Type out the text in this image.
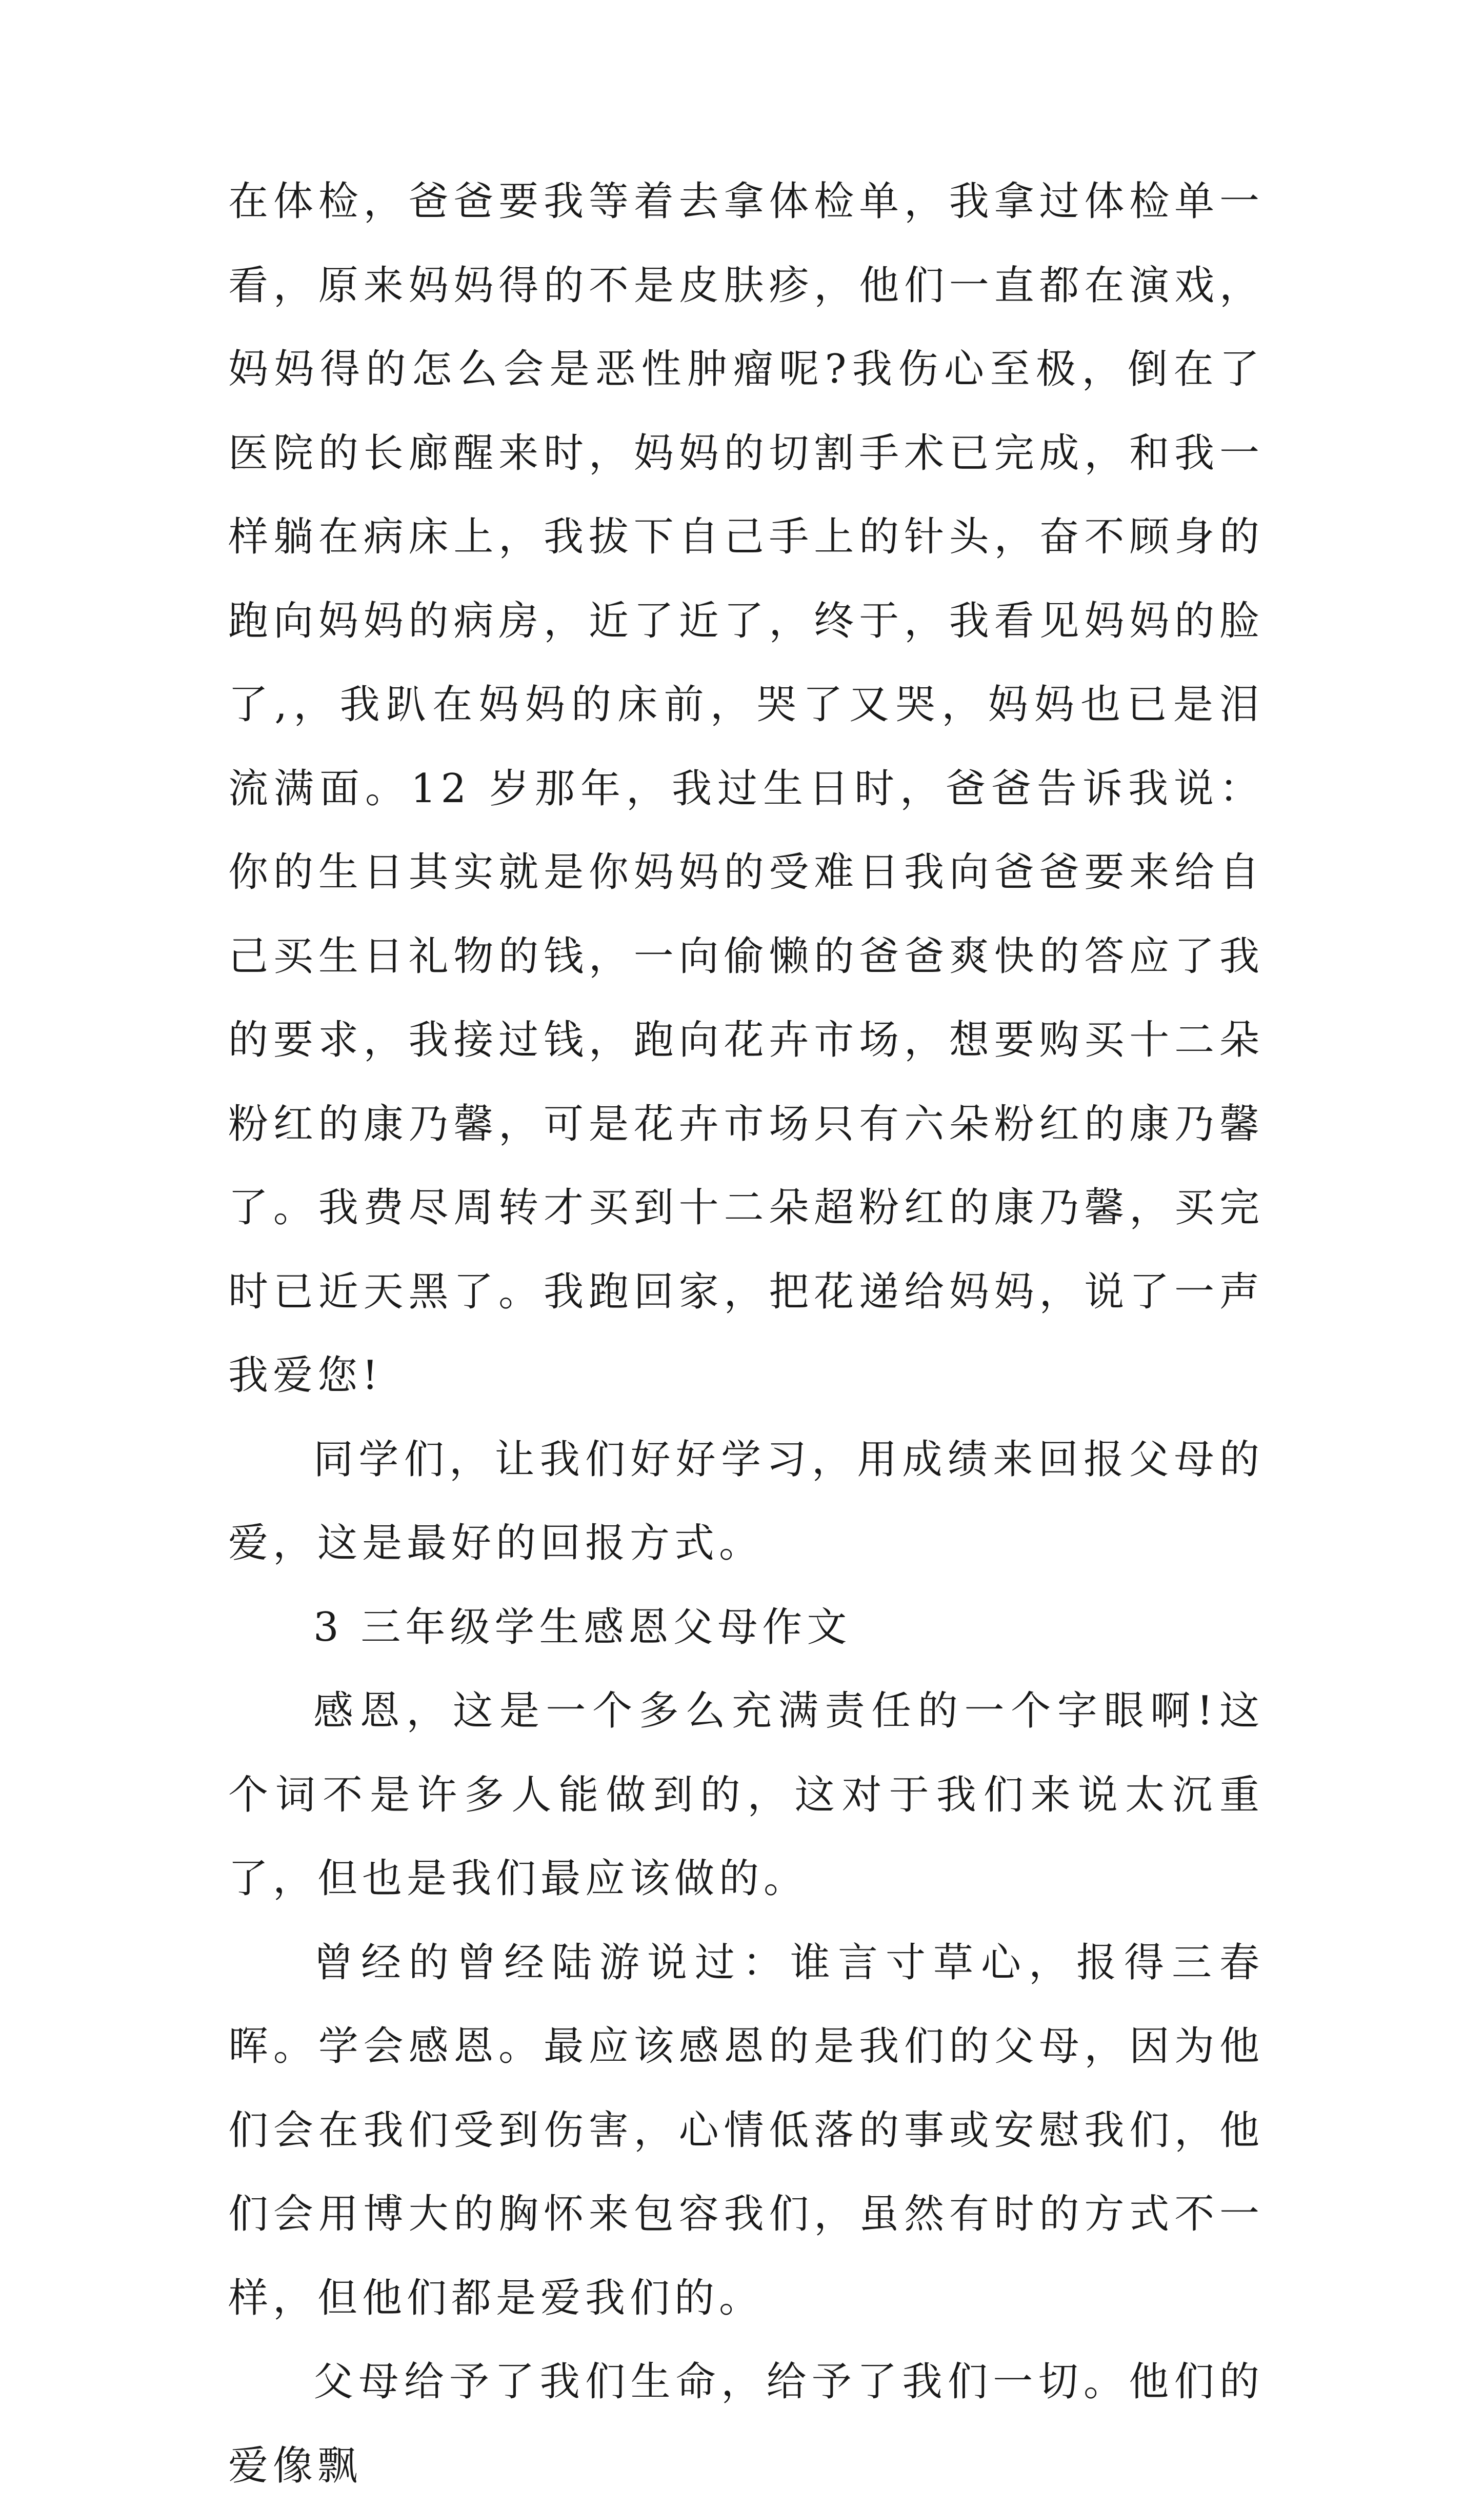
在体检，爸爸要我等着去拿体检单，我拿过体检单一看，原来妈妈得的不是皮肤疹，他们一直都在演戏，妈妈得的怎么会是恶性肿瘤呢?我伤心至极，倒在了医院的长廊醒来时，妈妈的切割手术已完成，和我一样躺在病床上，我拔下自己手上的针头，奋不顾身的跑向妈妈的病房，近了近了，终于，我看见妈妈的脸了,，我趴在妈妈的床前，哭了又哭，妈妈也已是泪流满面。12 岁那年，我过生日时，爸爸告诉我说：你的生日其实就是你妈妈的受难日我向爸爸要来给自己买生日礼物的钱，一向偷懒的爸爸爽快的答应了我的要求，我接过钱，跑向花卉市场，想要购买十二朵粉红的康乃馨，可是花卉市场只有六朵粉红的康乃馨了。我费尽周转才买到十二朵超粉红的康乃馨，买完时已近天黑了。我跑回家，把花递给妈妈，说了一声我爱您!

同学们，让我们好好学习，用成绩来回报父母的爱，这是最好的回报方式。

3 三年级学生感恩父母作文

感恩，这是一个多么充满责任的一个字眼啊!这个词不是许多人能做到的，这对于我们来说太沉重了，但也是我们最应该做的。

曾经的曾经陆游说过：谁言寸草心，报得三春晖。学会感恩。最应该感恩的是我们的父母，因为他们会在我们受到伤害，心情低落的事或安慰我们，他们会用博大的胸怀来包容我们，虽然有时的方式不一样，但他们都是爱我们的。

父母给予了我们生命，给予了我们一切。他们的爱像飘
